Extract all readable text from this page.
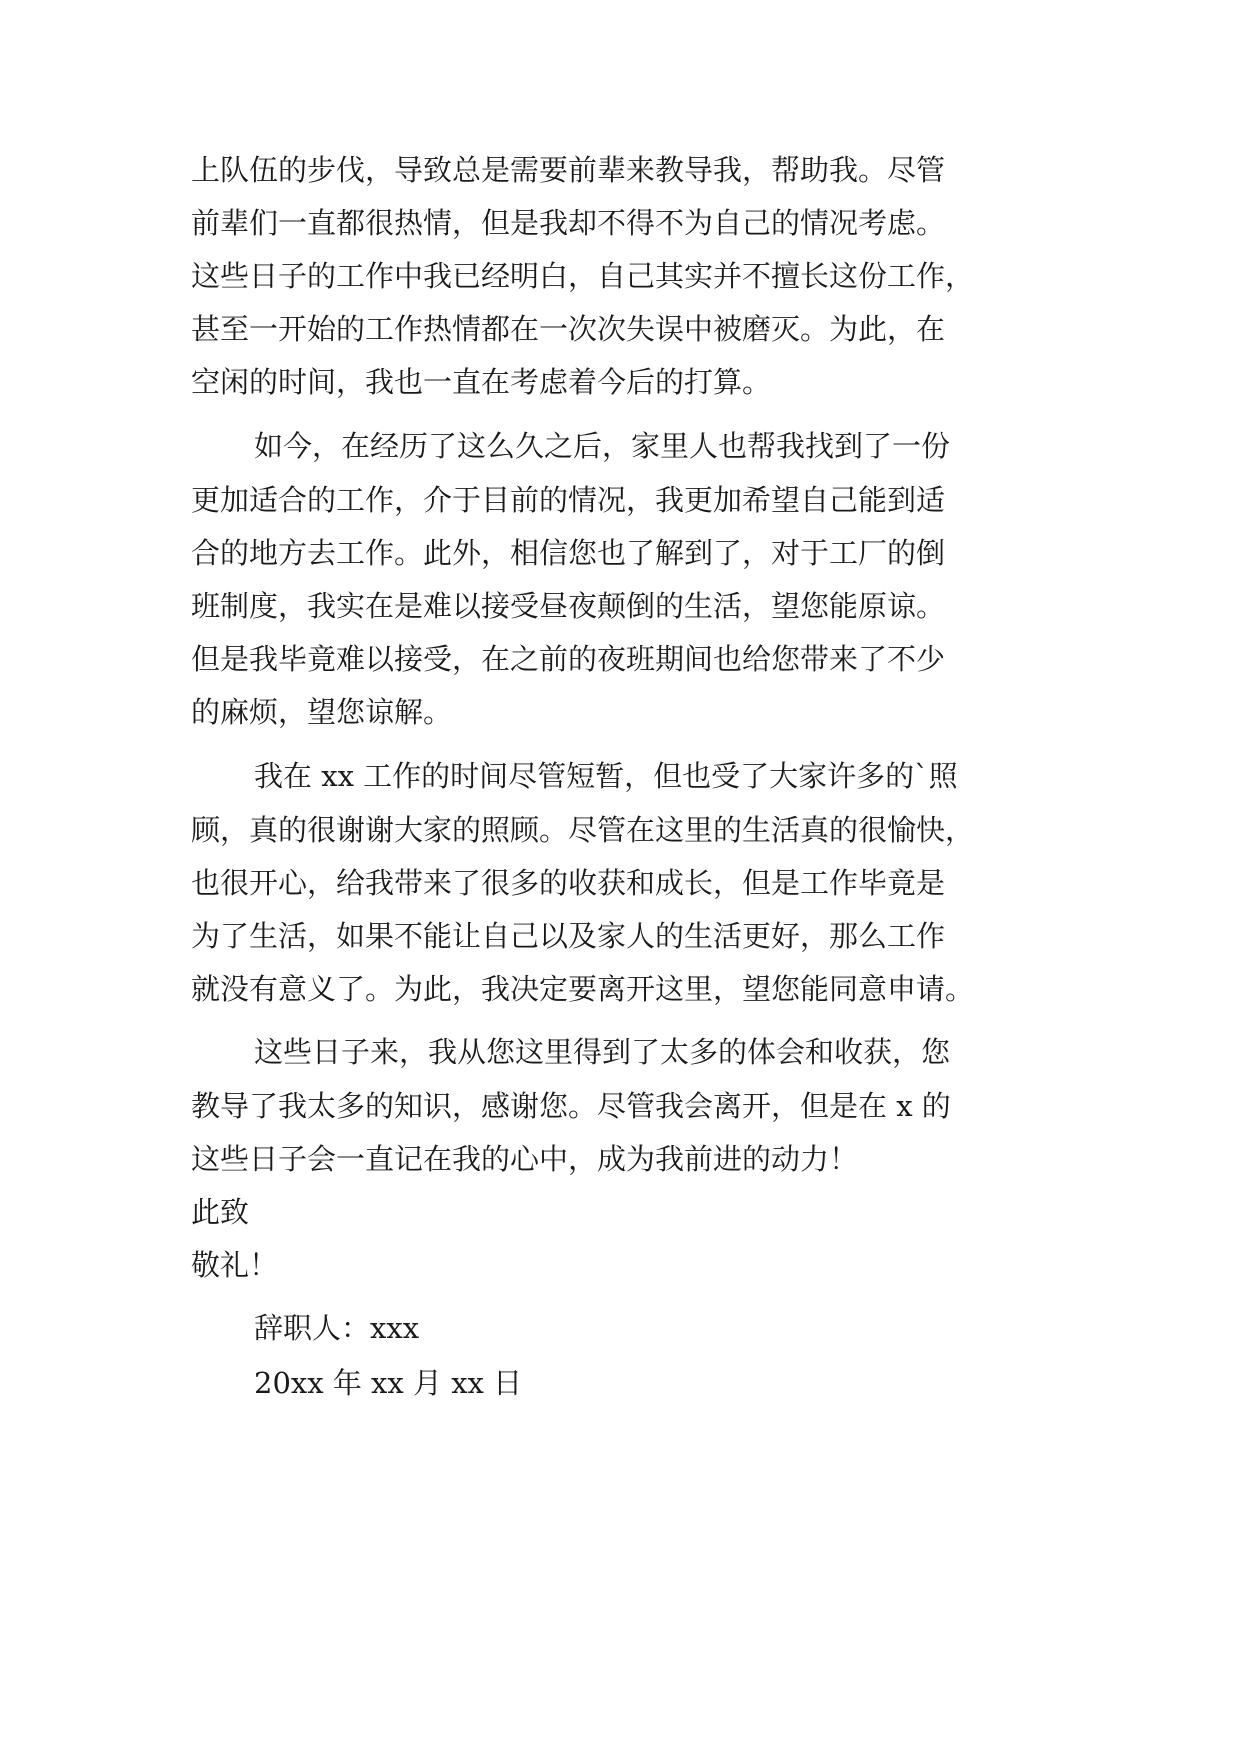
上队伍的步伐，导致总是需要前辈来教导我，帮助我。尽管

前辈们一直都很热情，但是我却不得不为自己的情况考虑。

这些日子的工作中我已经明白，自己其实并不擅长这份工作，

甚至一开始的工作热情都在一次次失误中被磨灭。为此，在

空闲的时间，我也一直在考虑着今后的打算。

如今，在经历了这么久之后，家里人也帮我找到了一份

更加适合的工作，介于目前的情况，我更加希望自己能到适

合的地方去工作。此外，相信您也了解到了，对于工厂的倒

班制度，我实在是难以接受昼夜颠倒的生活，望您能原谅。

但是我毕竟难以接受，在之前的夜班期间也给您带来了不少

的麻烦，望您谅解。

我在 xx 工作的时间尽管短暂，但也受了大家许多的`照

顾，真的很谢谢大家的照顾。尽管在这里的生活真的很愉快，

也很开心，给我带来了很多的收获和成长，但是工作毕竟是

为了生活，如果不能让自己以及家人的生活更好，那么工作

就没有意义了。为此，我决定要离开这里，望您能同意申请。

这些日子来，我从您这里得到了太多的体会和收获，您

教导了我太多的知识，感谢您。尽管我会离开，但是在 x 的

这些日子会一直记在我的心中，成为我前进的动力！

此致

敬礼！

辞职人：xxx

20xx 年 xx 月 xx 日
